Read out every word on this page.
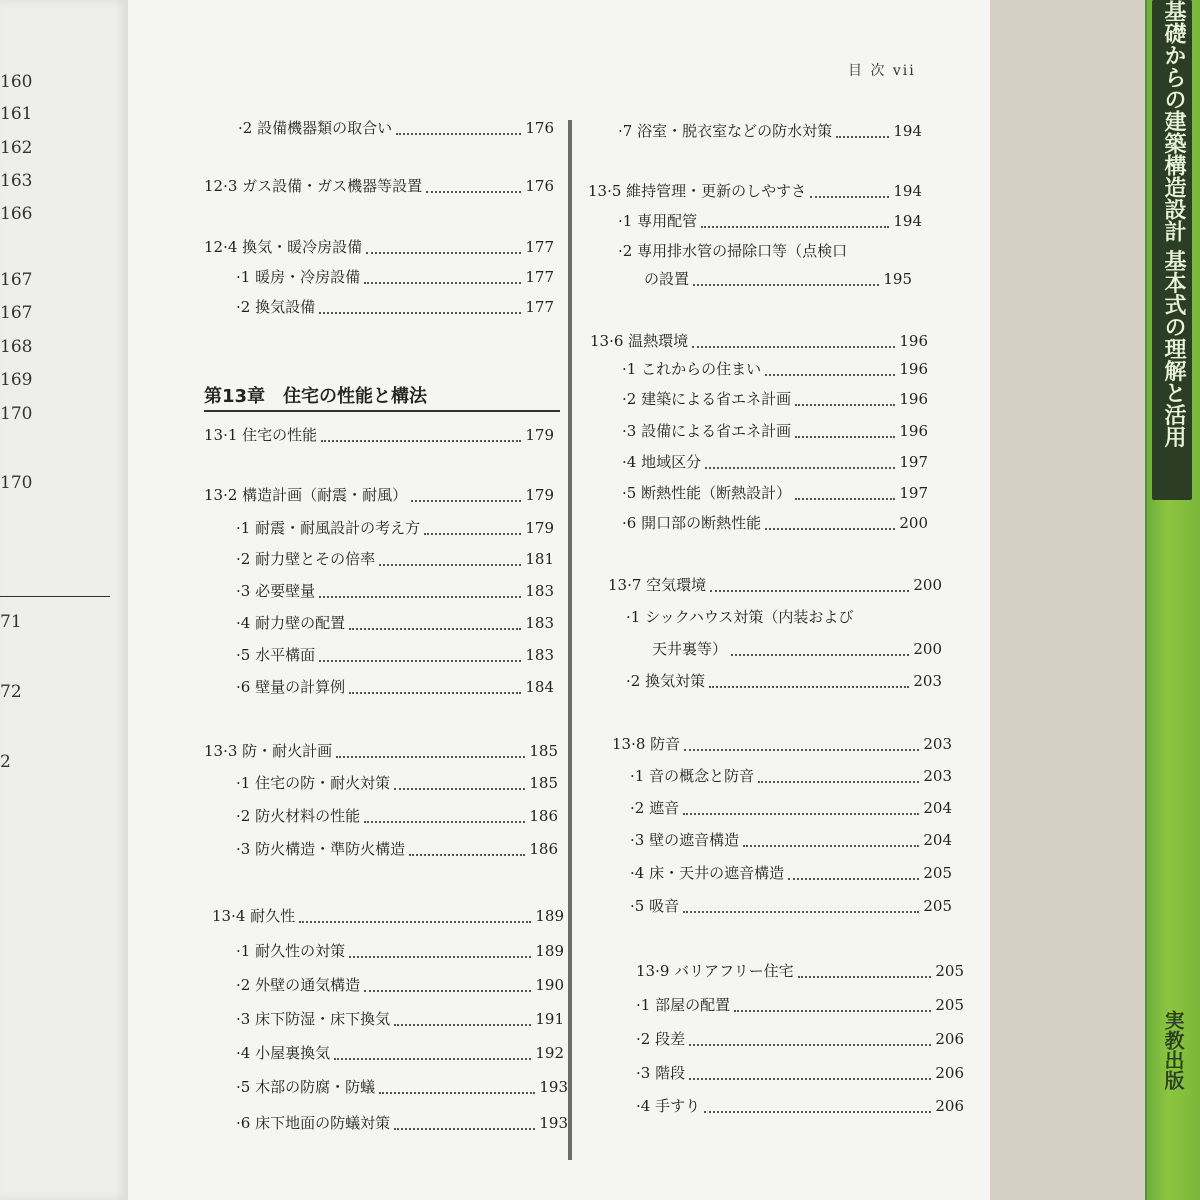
160
161
162
163
166
167
167
168
169
170
170
71
72
2
目 次 vii
第13章　住宅の性能と構法
·2 設備機器類の取合い	176
12·3 ガス設備・ガス機器等設置	176
12·4 換気・暖冷房設備	177
·1 暖房・冷房設備	177
·2 換気設備	177
13·1 住宅の性能	179
13·2 構造計画（耐震・耐風）	179
·1 耐震・耐風設計の考え方	179
·2 耐力壁とその倍率	181
·3 必要壁量	183
·4 耐力壁の配置	183
·5 水平構面	183
·6 壁量の計算例	184
13·3 防・耐火計画	185
·1 住宅の防・耐火対策	185
·2 防火材料の性能	186
·3 防火構造・準防火構造	186
13·4 耐久性	189
·1 耐久性の対策	189
·2 外壁の通気構造	190
·3 床下防湿・床下換気	191
·4 小屋裏換気	192
·5 木部の防腐・防蟻	193
·6 床下地面の防蟻対策	193
·7 浴室・脱衣室などの防水対策	194
13·5 維持管理・更新のしやすさ	194
·1 専用配管	194
·2 専用排水管の掃除口等（点検口
の設置	195
13·6 温熱環境	196
·1 これからの住まい	196
·2 建築による省エネ計画	196
·3 設備による省エネ計画	196
·4 地域区分	197
·5 断熱性能（断熱設計）	197
·6 開口部の断熱性能	200
13·7 空気環境	200
·1 シックハウス対策（内装および
天井裏等）	200
·2 換気対策	203
13·8 防音	203
·1 音の概念と防音	203
·2 遮音	204
·3 壁の遮音構造	204
·4 床・天井の遮音構造	205
·5 吸音	205
13·9 バリアフリー住宅	205
·1 部屋の配置	205
·2 段差	206
·3 階段	206
·4 手すり	206
基礎からの建築構造設計 基本式の理解と活用
実教出版
